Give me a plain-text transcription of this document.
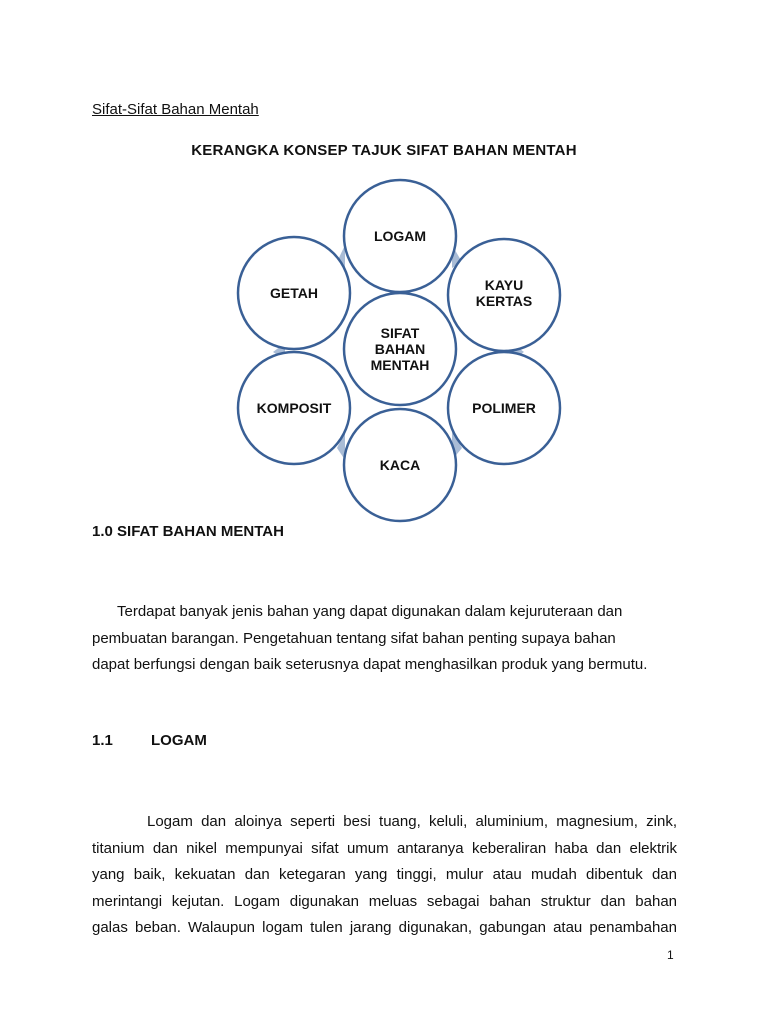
Sifat-Sifat Bahan Mentah
KERANGKA KONSEP TAJUK SIFAT BAHAN MENTAH
LOGAM
KAYU
KERTAS
POLIMER
KACA
KOMPOSIT
GETAH
SIFAT
BAHAN
MENTAH
1.0 SIFAT BAHAN MENTAH

Terdapat banyak jenis bahan yang dapat digunakan dalam kejuruteraan dan
pembuatan barangan. Pengetahuan tentang sifat bahan penting supaya bahan
dapat berfungsi dengan baik seterusnya dapat menghasilkan produk yang bermutu.

1.1	LOGAM

Logam dan aloinya seperti besi tuang, keluli, aluminium, magnesium, zink,
titanium dan nikel mempunyai sifat umum antaranya keberaliran haba dan elektrik
yang baik, kekuatan dan ketegaran yang tinggi, mulur atau mudah dibentuk dan
merintangi kejutan. Logam digunakan meluas sebagai bahan struktur dan bahan
galas beban. Walaupun logam tulen jarang digunakan, gabungan atau penambahan

1
